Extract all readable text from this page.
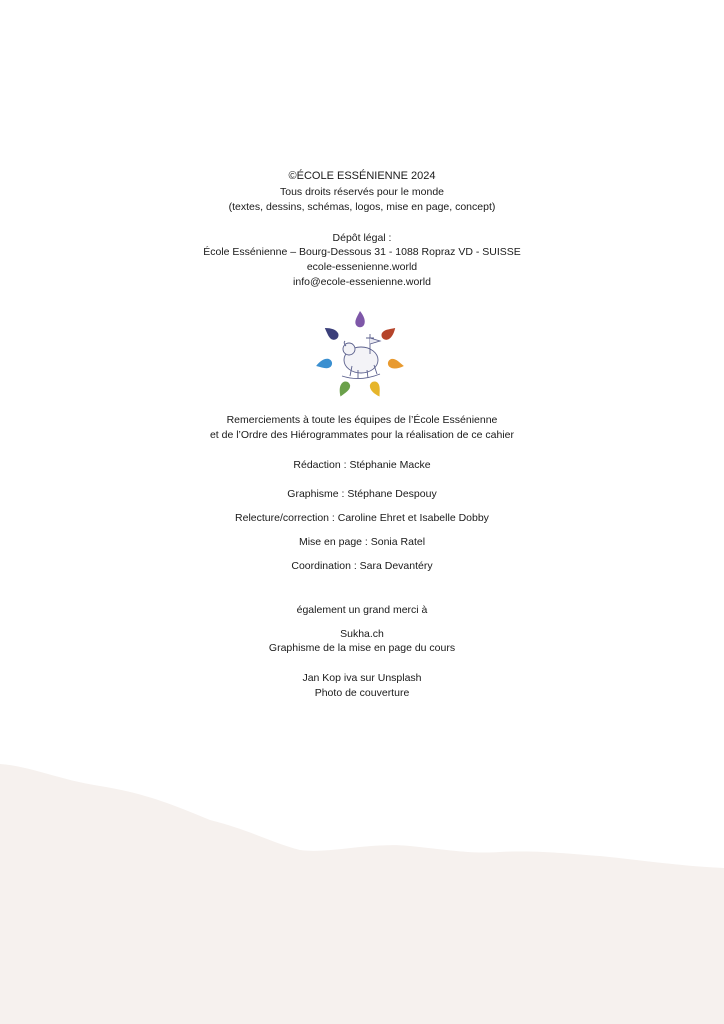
©ÉCOLE ESSÉNIENNE 2024
Tous droits réservés pour le monde
(textes, dessins, schémas, logos, mise en page, concept)
Dépôt légal :
École Essénienne – Bourg-Dessous 31 - 1088 Ropraz VD - SUISSE
ecole-essenienne.world
info@ecole-essenienne.world
Remerciements à toute les équipes de l’École Essénienne
et de l’Ordre des Hiérogrammates pour la réalisation de ce cahier
Rédaction : Stéphanie Macke
Graphisme : Stéphane Despouy
Relecture/correction : Caroline Ehret et Isabelle Dobby
Mise en page : Sonia Ratel
Coordination : Sara Devantéry
également un grand merci à
Sukha.ch
Graphisme de la mise en page du cours
Jan Kop iva sur Unsplash
Photo de couverture
